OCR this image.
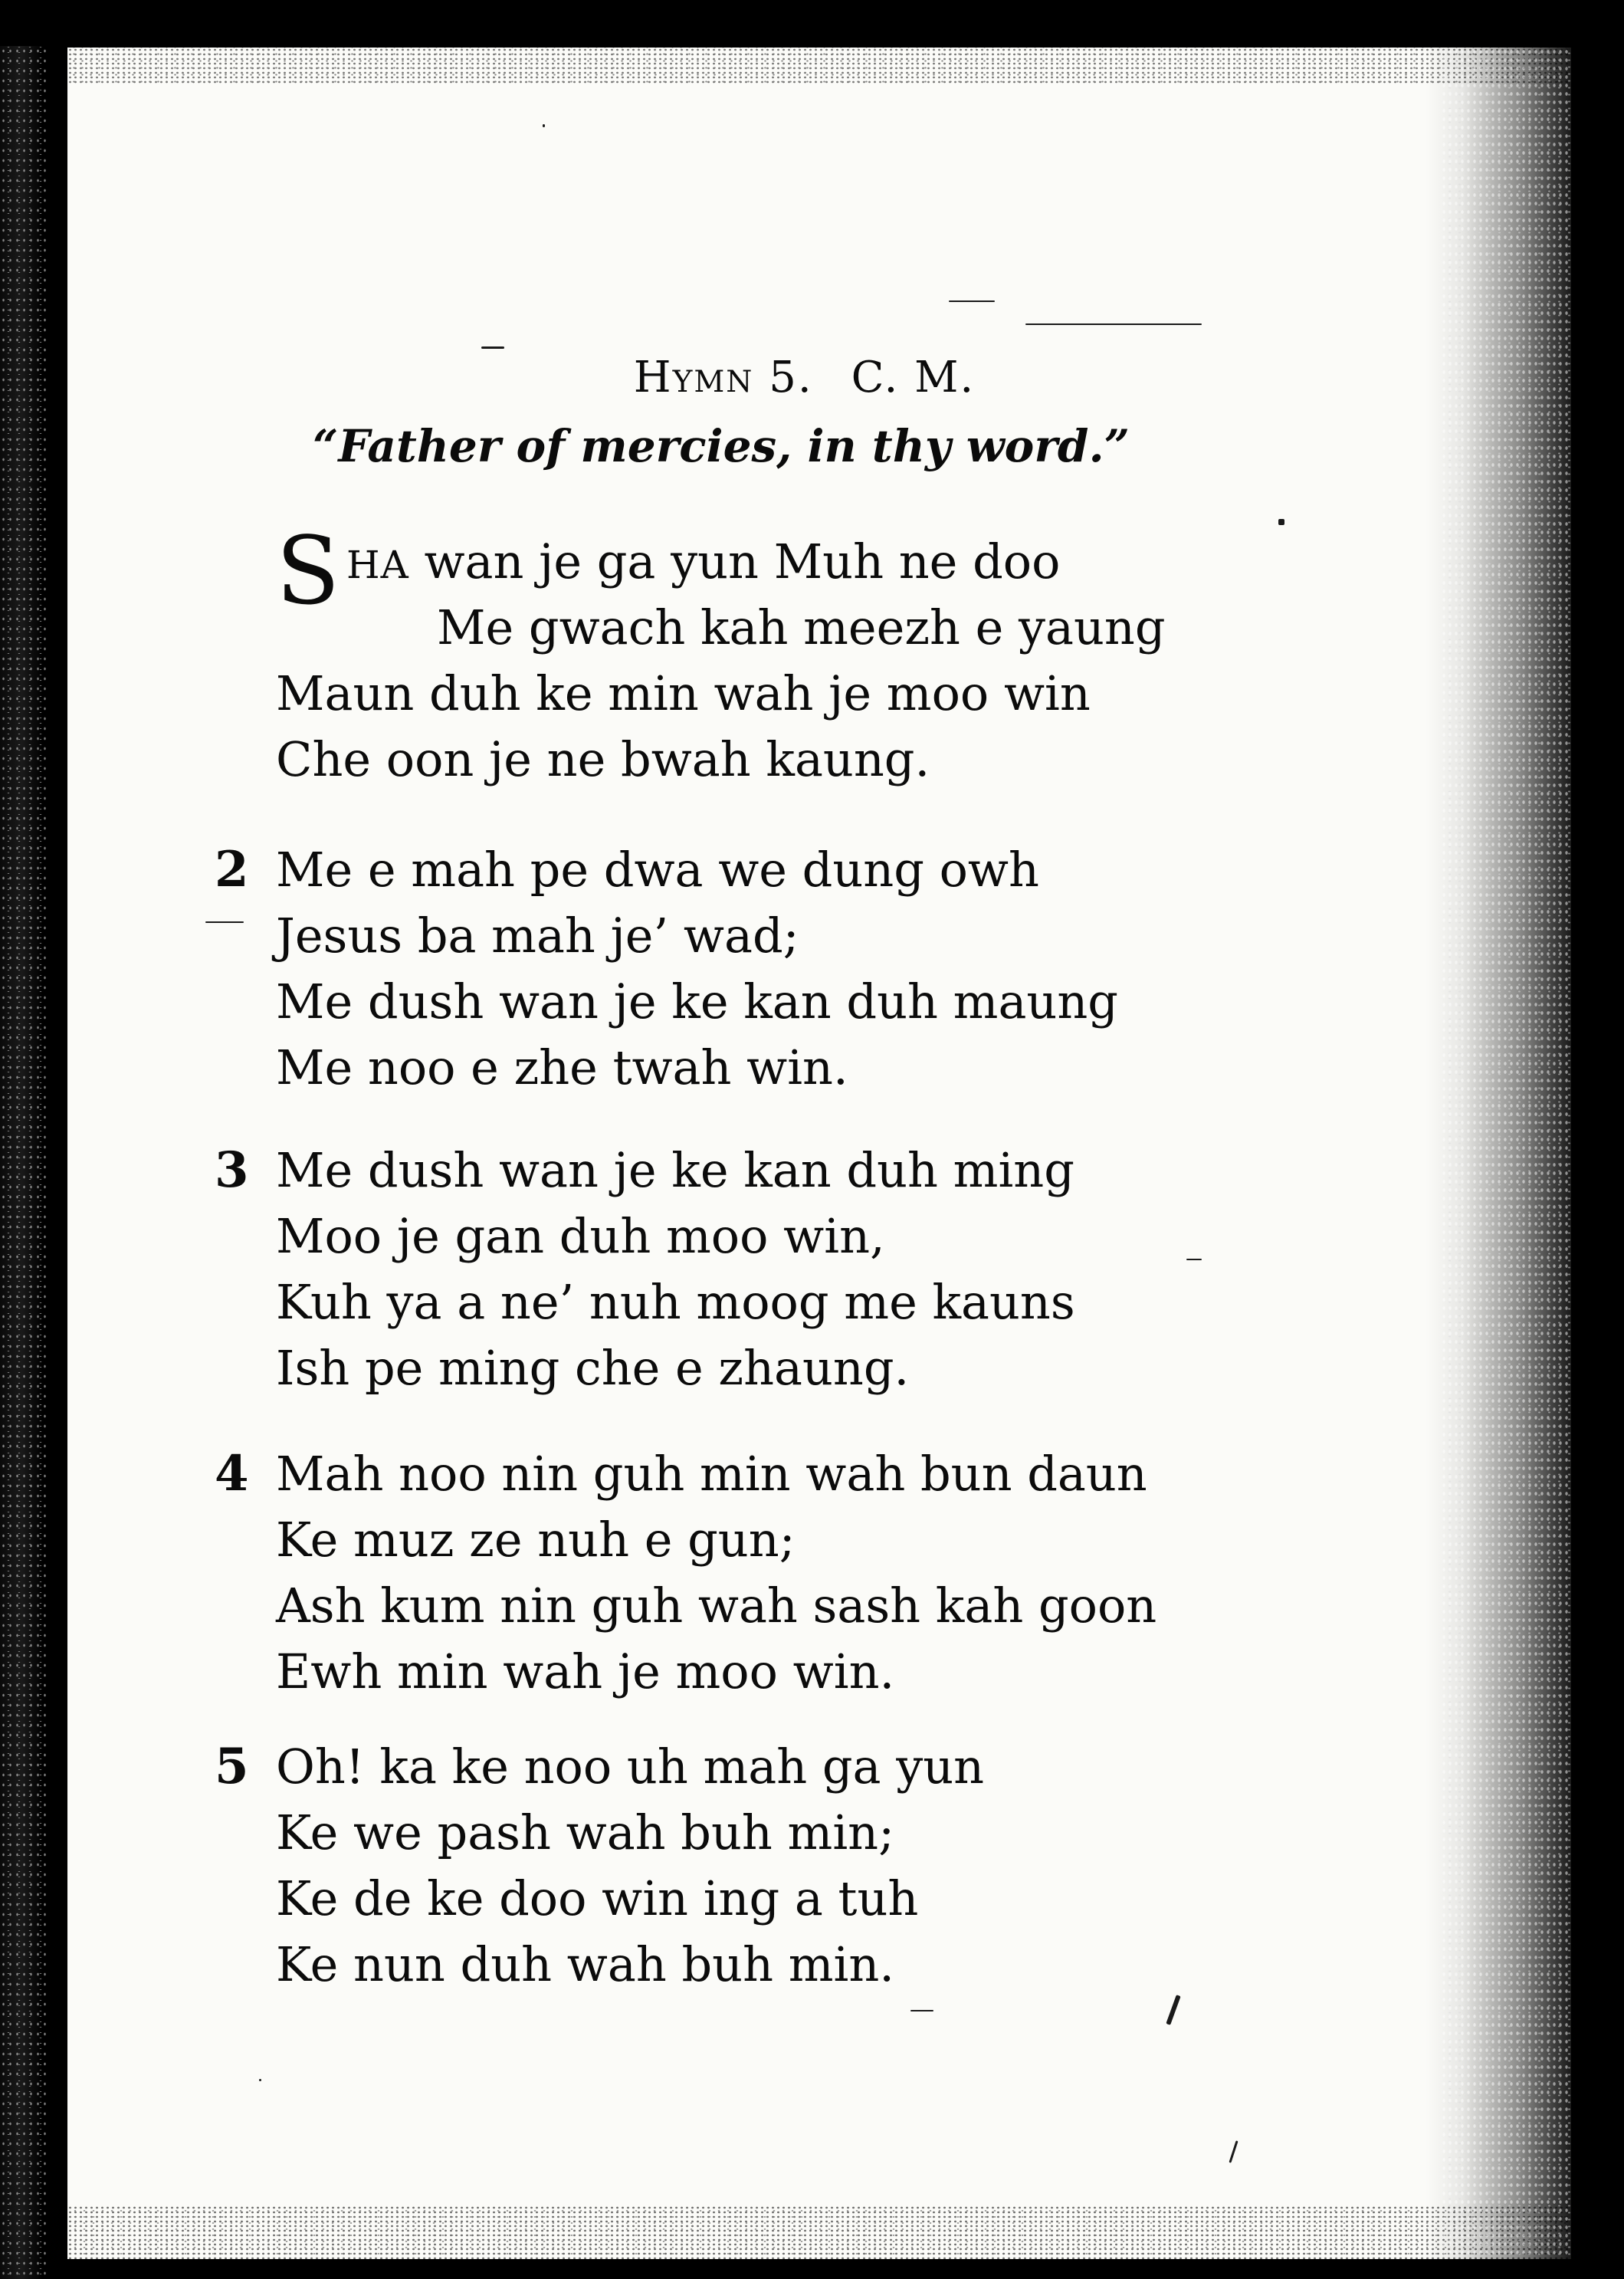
Hymn 5. C. M.
“Father of mercies, in thy word.”
S HA wan je ga yun Muh ne doo
Me gwach kah meezh e yaung
Maun duh ke min wah je moo win
Che oon je ne bwah kaung.
2 Me e mah pe dwa we dung owh
Jesus ba mah je’ wad;
Me dush wan je ke kan duh maung
Me noo e zhe twah win.
3 Me dush wan je ke kan duh ming
Moo je gan duh moo win,
Kuh ya a ne’ nuh moog me kauns
Ish pe ming che e zhaung.
4 Mah noo nin guh min wah bun daun
Ke muz ze nuh e gun;
Ash kum nin guh wah sash kah goon
Ewh min wah je moo win.
5 Oh! ka ke noo uh mah ga yun
Ke we pash wah buh min;
Ke de ke doo win ing a tuh
Ke nun duh wah buh min.
